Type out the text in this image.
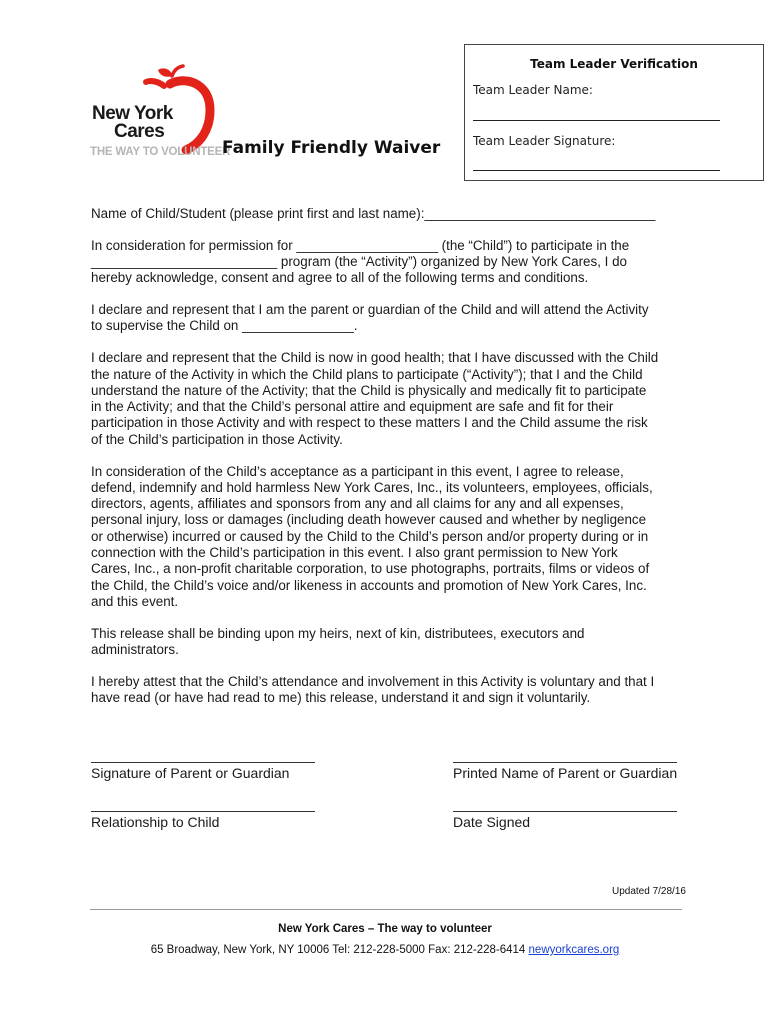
New York
Cares
THE WAY TO VOLUNTEER
Family Friendly Waiver
Team Leader Verification
Team Leader Name:
Team Leader Signature:

Name of Child/Student (please print first and last name):_______________________________

In consideration for permission for ___________________ (the “Child”) to participate in the
_________________________ program (the “Activity”) organized by New York Cares, I do
hereby acknowledge, consent and agree to all of the following terms and conditions.

I declare and represent that I am the parent or guardian of the Child and will attend the Activity
to supervise the Child on _______________.

I declare and represent that the Child is now in good health; that I have discussed with the Child
the nature of the Activity in which the Child plans to participate (“Activity”); that I and the Child
understand the nature of the Activity; that the Child is physically and medically fit to participate
in the Activity; and that the Child’s personal attire and equipment are safe and fit for their
participation in those Activity and with respect to these matters I and the Child assume the risk
of the Child’s participation in those Activity.

In consideration of the Child’s acceptance as a participant in this event, I agree to release,
defend, indemnify and hold harmless New York Cares, Inc., its volunteers, employees, officials,
directors, agents, affiliates and sponsors from any and all claims for any and all expenses,
personal injury, loss or damages (including death however caused and whether by negligence
or otherwise) incurred or caused by the Child to the Child’s person and/or property during or in
connection with the Child’s participation in this event. I also grant permission to New York
Cares, Inc., a non-profit charitable corporation, to use photographs, portraits, films or videos of
the Child, the Child’s voice and/or likeness in accounts and promotion of New York Cares, Inc.
and this event.

This release shall be binding upon my heirs, next of kin, distributees, executors and
administrators.

I hereby attest that the Child’s attendance and involvement in this Activity is voluntary and that I
have read (or have had read to me) this release, understand it and sign it voluntarily.

Signature of Parent or Guardian	Printed Name of Parent or Guardian
Relationship to Child	Date Signed
Updated 7/28/16
New York Cares – The way to volunteer
65 Broadway, New York, NY 10006 Tel: 212-228-5000 Fax: 212-228-6414 newyorkcares.org
